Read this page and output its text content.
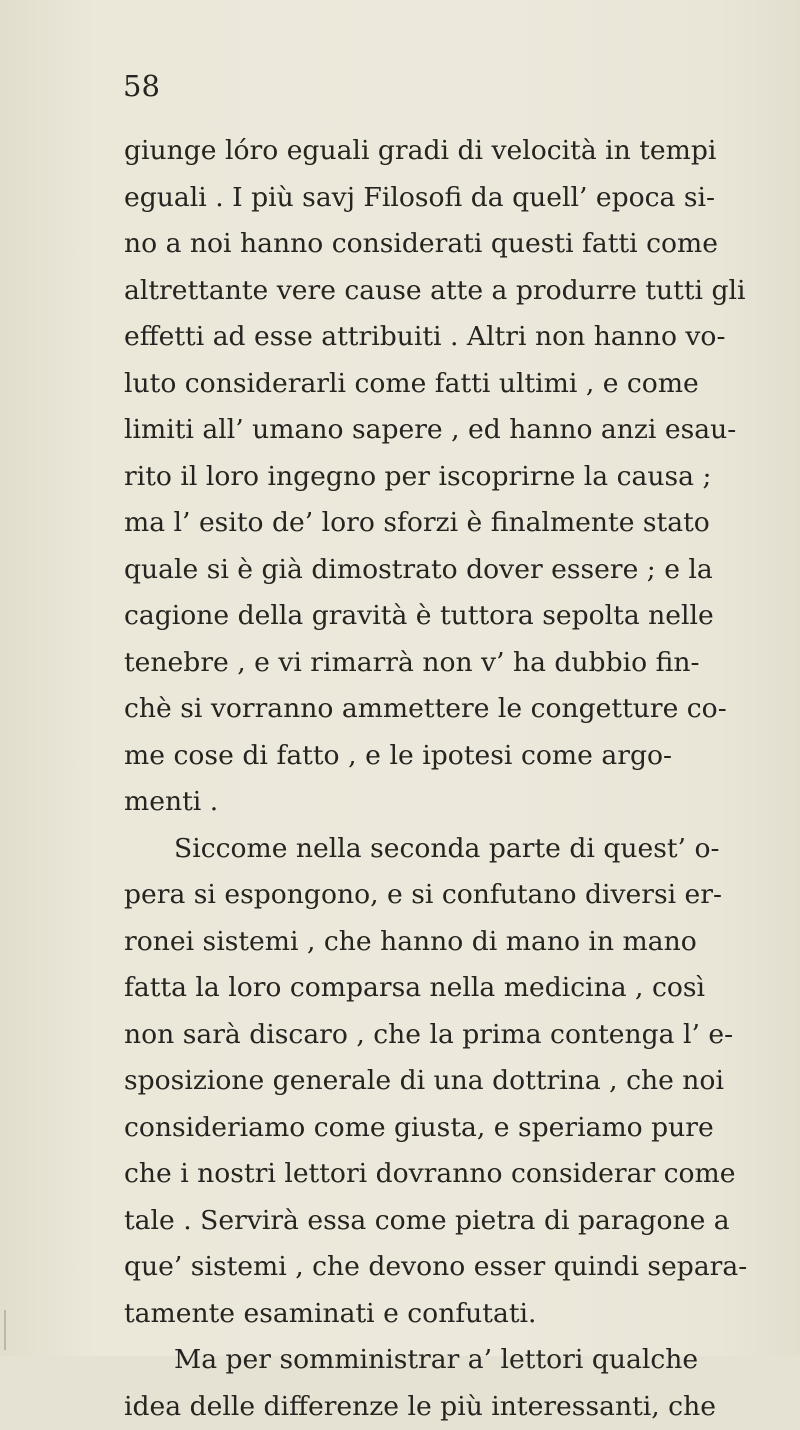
58
giunge lóro eguali gradi di velocità in tempi
eguali . I più savj Filosofi da quell’ epoca si-
no a noi hanno considerati questi fatti come
altrettante vere cause atte a produrre tutti gli
effetti ad esse attribuiti . Altri non hanno vo-
luto considerarli come fatti ultimi , e come
limiti all’ umano sapere , ed hanno anzi esau-
rito il loro ingegno per iscoprirne la causa ;
ma l’ esito de’ loro sforzi è finalmente stato
quale si è già dimostrato dover essere ; e la
cagione della gravità è tuttora sepolta nelle
tenebre , e vi rimarrà non v’ ha dubbio fin-
chè si vorranno ammettere le congetture co-
me cose di fatto , e le ipotesi come argo-
menti .
Siccome nella seconda parte di quest’ o-
pera si espongono, e si confutano diversi er-
ronei sistemi , che hanno di mano in mano
fatta la loro comparsa nella medicina , così
non sarà discaro , che la prima contenga l’ e-
sposizione generale di una dottrina , che noi
consideriamo come giusta, e speriamo pure
che i nostri lettori dovranno considerar come
tale . Servirà essa come pietra di paragone a
que’ sistemi , che devono esser quindi separa-
tamente esaminati e confutati.
Ma per somministrar a’ lettori qualche
idea delle differenze le più interessanti, che
